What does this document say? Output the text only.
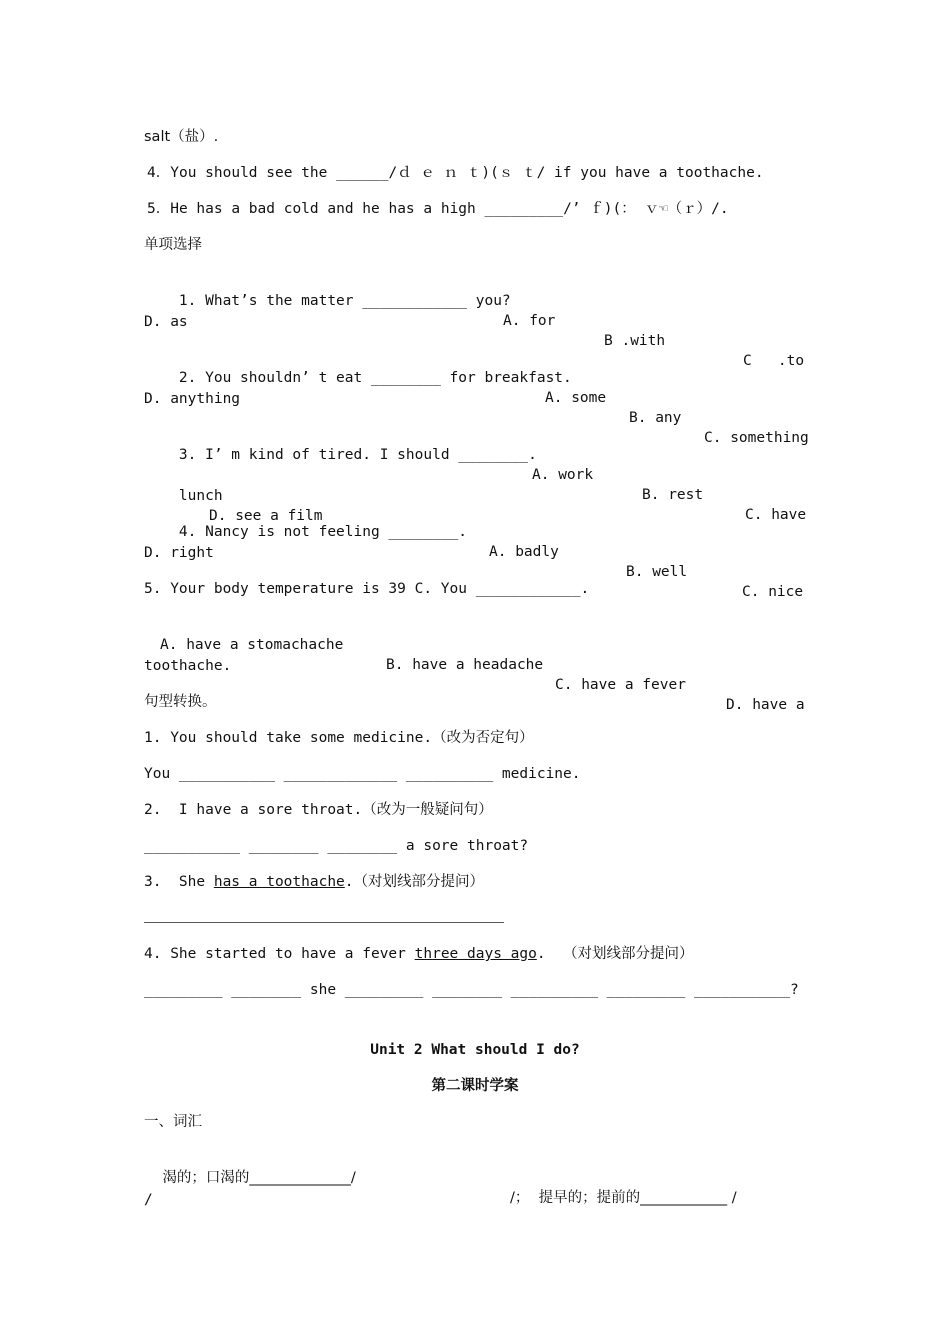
salt（盐）.
4．You should see the ______/ｄ ｅ ｎ ｔ)(ｓ ｔ/ if you have a toothache.
5．He has a bad cold and he has a high _________/’ ｆ)(： ｖ☜（ｒ）/.
单项选择

1. What’s the matter ____________ you?

A. for

B .with

C   .to

D. as

2. You shouldn’ t eat ________ for breakfast.

A. some

B. any

C. something

D. anything

3. I’ m kind of tired. I should ________.

A. work

B. rest

C. have

lunch

D. see a film

4. Nancy is not feeling ________.

A. badly

B. well

C. nice

D. right
5. Your body temperature is 39 C. You ____________.

A. have a stomachache

B. have a headache

C. have a fever

D. have a

toothache.
句型转换。
1. You should take some medicine.（改为否定句）
You ___________ _____________ __________ medicine.
2.  I have a sore throat.（改为一般疑问句）
___________ ________ ________ a sore throat?
3.  She has a toothache.（对划线部分提问）
4. She started to have a fever three days ago.  （对划线部分提问）
_________ ________ she _________ ________ __________ _________ ___________?
Unit 2 What should I do?
第二课时学案
一、词汇

渴的；口渴的______________/

/；  提早的；提前的____________ /

/
